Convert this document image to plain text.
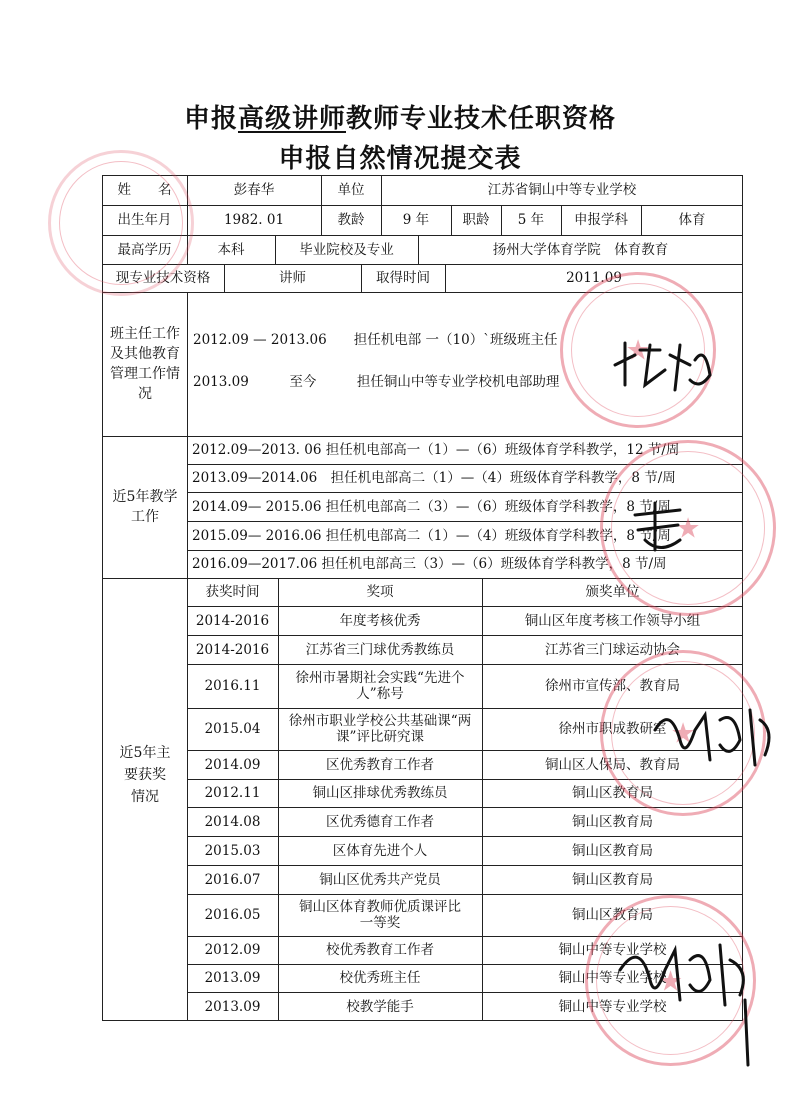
申报高级讲师教师专业技术任职资格
申报自然情况提交表
姓　　名	彭春华	单位	江苏省铜山中等专业学校
出生年月	1982. 01	教龄	9 年	职龄	5 年	申报学科	体育
最高学历	本科	毕业院校及专业	扬州大学体育学院　体育教育
现专业技术资格	讲师	取得时间	2011.09
班主任工作及其他教育管理工作情况
2012.09 — 2013.06　　担任机电部 一（10）`班级班主任
2013.09　　　至今　　　担任铜山中等专业学校机电部助理
近5年教学工作
2012.09—2013. 06 担任机电部高一（1）—（6）班级体育学科教学，12 节/周
2013.09—2014.06　担任机电部高二（1）—（4）班级体育学科教学，8 节/周
2014.09— 2015.06 担任机电部高二（3）—（6）班级体育学科教学，8 节/周
2015.09— 2016.06 担任机电部高二（1）—（4）班级体育学科教学，8 节/周
2016.09—2017.06 担任机电部高三（3）—（6）班级体育学科教学，8 节/周
近5年主要获奖情况
获奖时间	奖项	颁奖单位
2014-2016	年度考核优秀	铜山区年度考核工作领导小组
2014-2016	江苏省三门球优秀教练员	江苏省三门球运动协会
2016.11	徐州市暑期社会实践“先进个人”称号	徐州市宣传部、教育局
2015.04	徐州市职业学校公共基础课“两课”评比研究课	徐州市职成教研室
2014.09	区优秀教育工作者	铜山区人保局、教育局
2012.11	铜山区排球优秀教练员	铜山区教育局
2014.08	区优秀德育工作者	铜山区教育局
2015.03	区体育先进个人	铜山区教育局
2016.07	铜山区优秀共产党员	铜山区教育局
2016.05	铜山区体育教师优质课评比一等奖	铜山区教育局
2012.09	校优秀教育工作者	铜山中等专业学校
2013.09	校优秀班主任	铜山中等专业学校
2013.09	校教学能手	铜山中等专业学校
★
★
★
★
